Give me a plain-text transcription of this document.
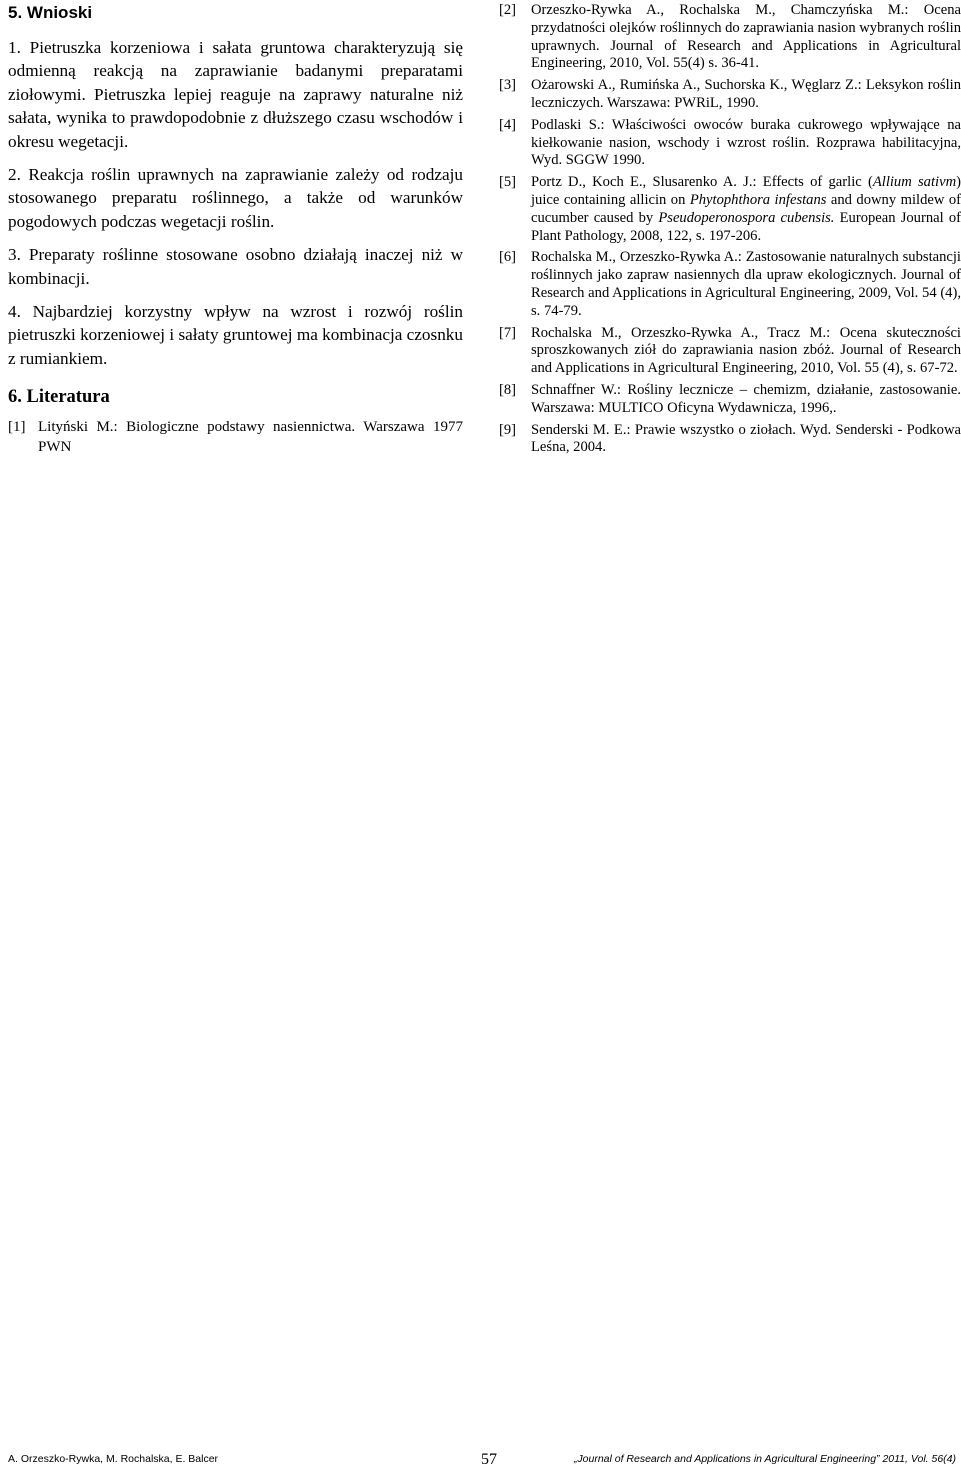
5. Wnioski

1. Pietruszka korzeniowa i sałata gruntowa charakteryzują się odmienną reakcją na zaprawianie badanymi preparatami ziołowymi. Pietruszka lepiej reaguje na zaprawy naturalne niż sałata, wynika to prawdopodobnie z dłuższego czasu wschodów i okresu wegetacji.

2. Reakcja roślin uprawnych na zaprawianie zależy od rodzaju stosowanego preparatu roślinnego, a także od warunków pogodowych podczas wegetacji roślin.

3. Preparaty roślinne stosowane osobno działają inaczej niż w kombinacji.

4. Najbardziej korzystny wpływ na wzrost i rozwój roślin pietruszki korzeniowej i sałaty gruntowej ma kombinacja czosnku z rumiankiem.

6. Literatura
[1] Lityński M.: Biologiczne podstawy nasiennictwa. Warszawa 1977 PWN
[2]	Orzeszko-Rywka A., Rochalska M., Chamczyńska M.: Ocena przydatności olejków roślinnych do zaprawiania nasion wybranych roślin uprawnych. Journal of Research and Applications in Agricultural Engineering, 2010, Vol. 55(4) s. 36-41.
[3]	Ożarowski A., Rumińska A., Suchorska K., Węglarz Z.: Leksykon roślin leczniczych. Warszawa: PWRiL, 1990.
[4]	Podlaski S.: Właściwości owoców buraka cukrowego wpływające na kiełkowanie nasion, wschody i wzrost roślin. Rozprawa habilitacyjna, Wyd. SGGW 1990.
[5]	Portz D., Koch E., Slusarenko A. J.: Effects of garlic (Allium sativm) juice containing allicin on Phytophthora infestans and downy mildew of cucumber caused by Pseudoperonospora cubensis. European Journal of Plant Pathology, 2008, 122, s. 197-206.
[6]	Rochalska M., Orzeszko-Rywka A.: Zastosowanie naturalnych substancji roślinnych jako zapraw nasiennych dla upraw ekologicznych. Journal of Research and Applications in Agricultural Engineering, 2009, Vol. 54 (4), s. 74-79.
[7]	Rochalska M., Orzeszko-Rywka A., Tracz M.: Ocena skuteczności sproszkowanych ziół do zaprawiania nasion zbóż. Journal of Research and Applications in Agricultural Engineering, 2010, Vol. 55 (4), s. 67-72.
[8]	Schnaffner W.: Rośliny lecznicze – chemizm, działanie, zastosowanie. Warszawa: MULTICO Oficyna Wydawnicza, 1996,.
[9]	Senderski M. E.: Prawie wszystko o ziołach. Wyd. Senderski - Podkowa Leśna, 2004.
A. Orzeszko-Rywka, M. Rochalska, E. Balcer	57	„Journal of Research and Applications in Agricultural Engineering” 2011, Vol. 56(4)
